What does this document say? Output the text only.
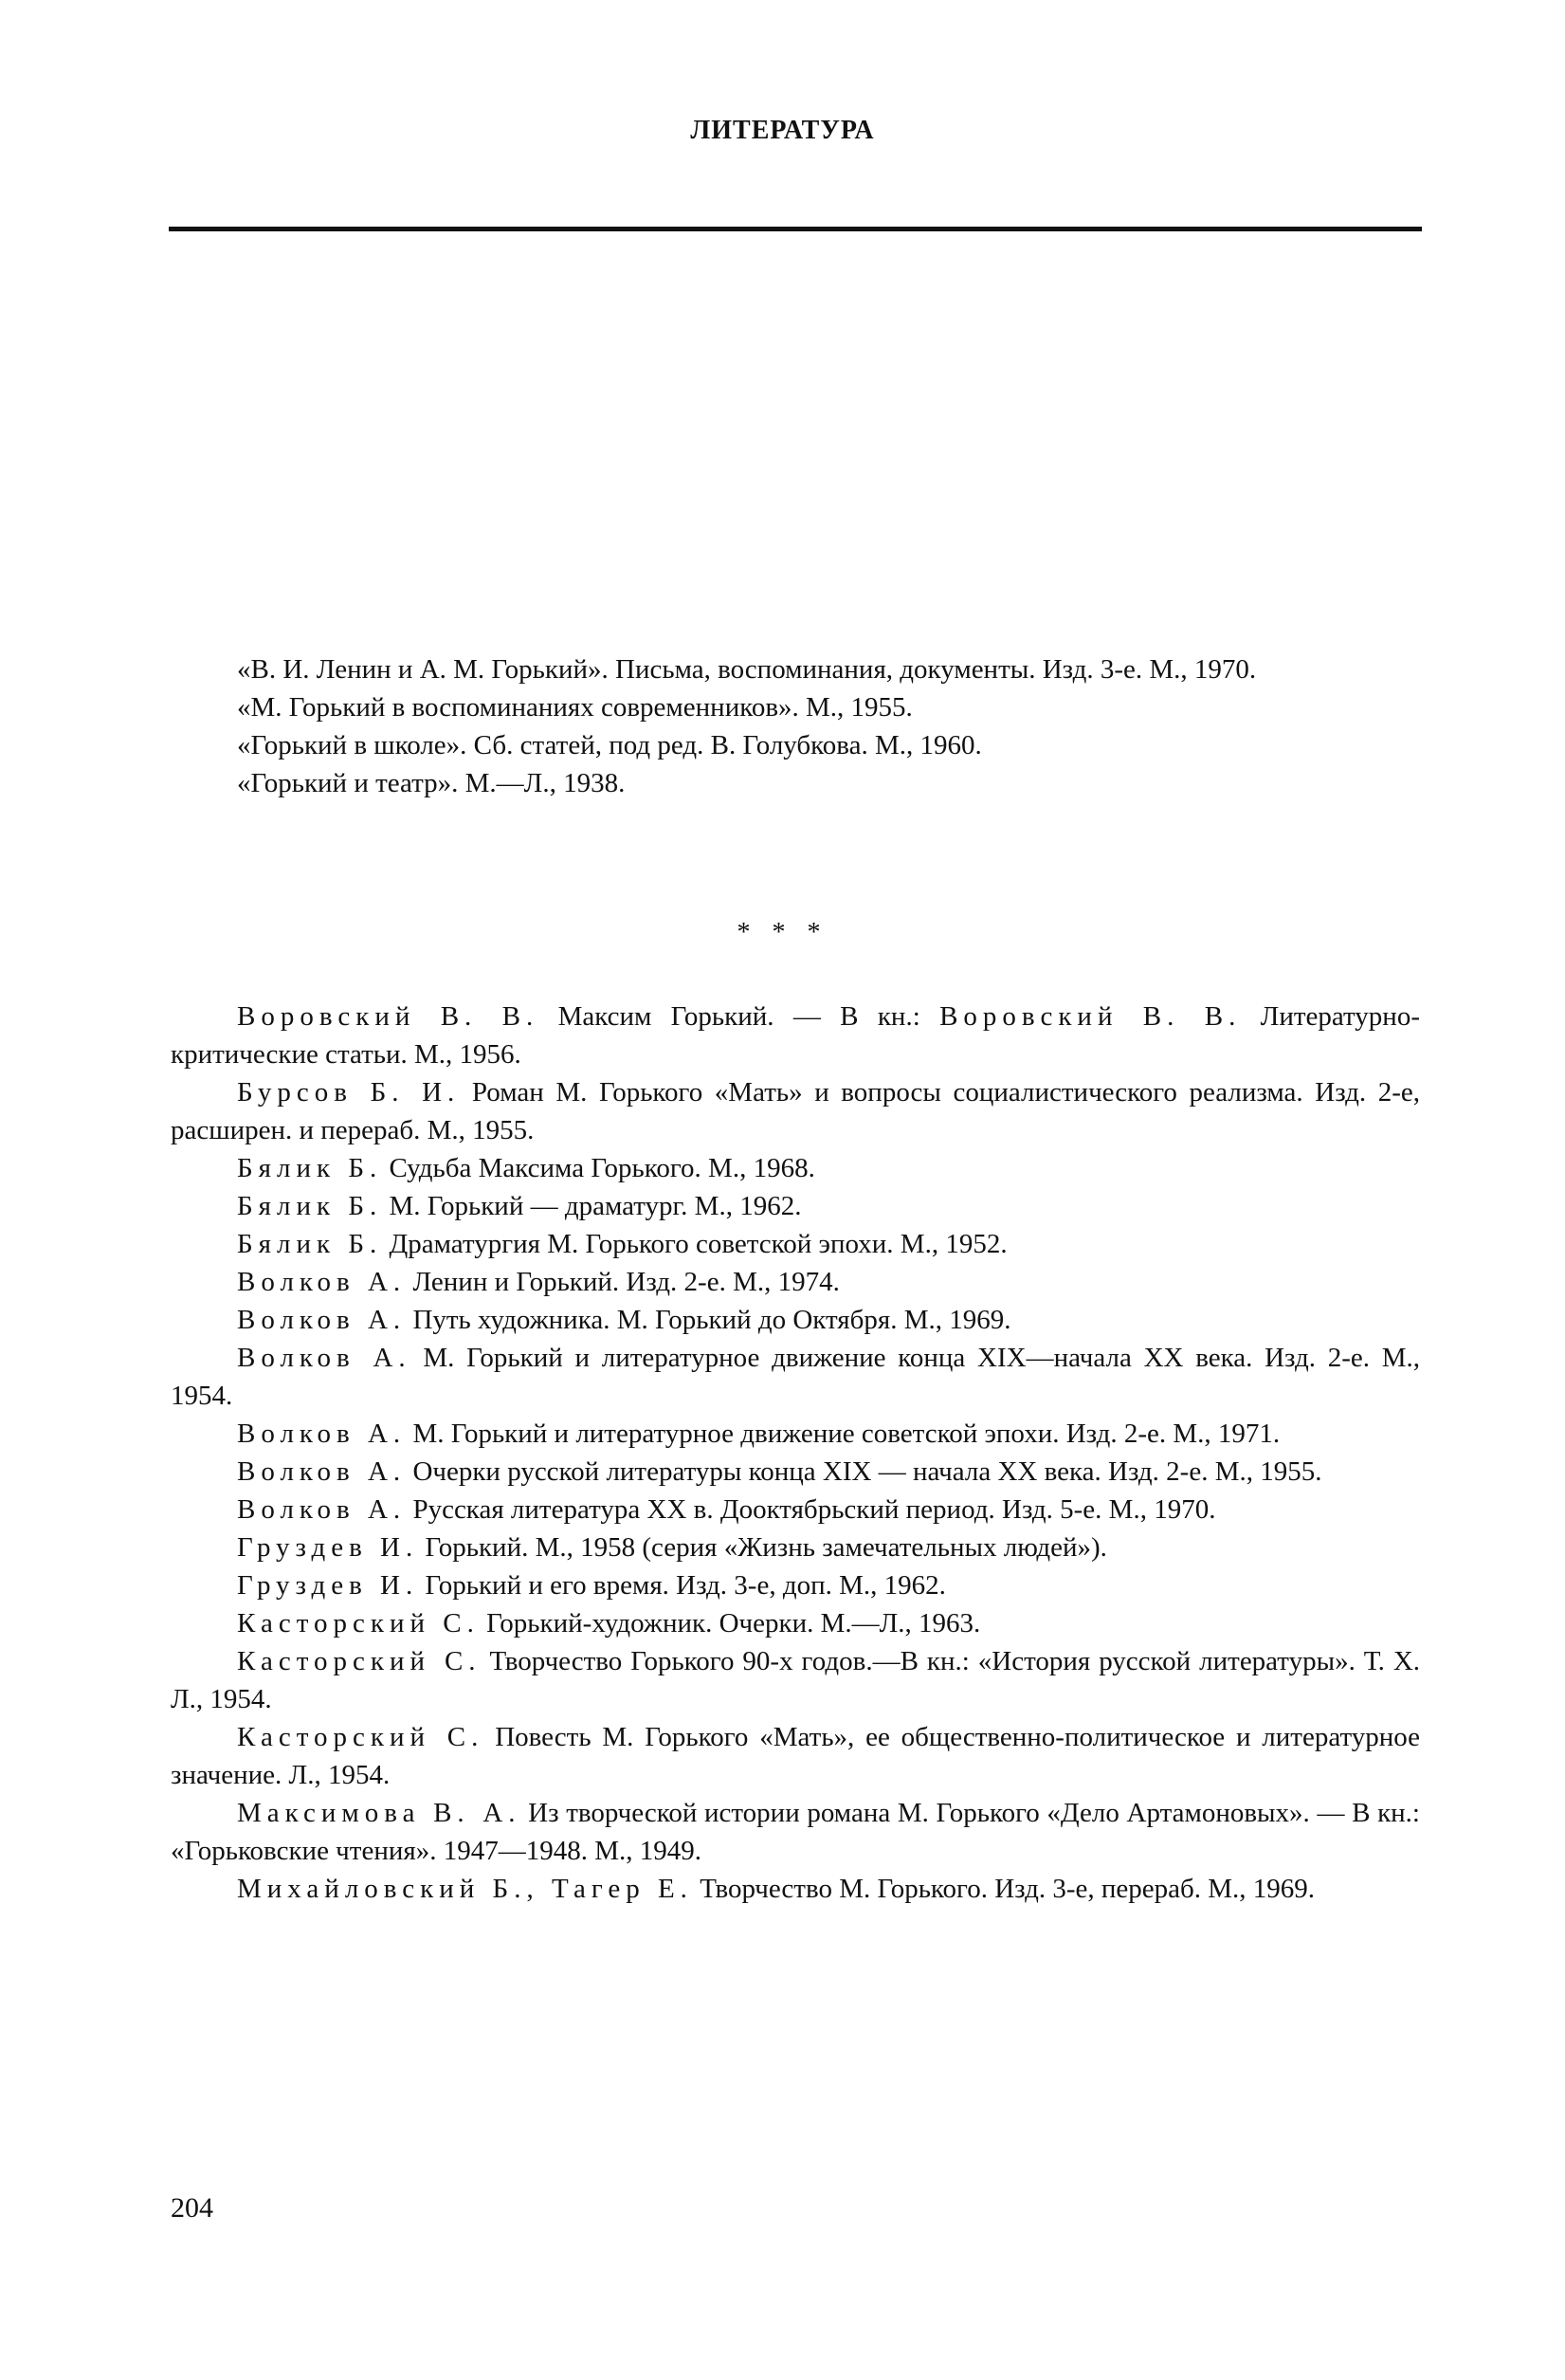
ЛИТЕРАТУРА

«В. И. Ленин и А. М. Горький». Письма, воспоминания, документы. Изд. 3-е. М., 1970.

«М. Горький в воспоминаниях современников». М., 1955.

«Горький в школе». Сб. статей, под ред. В. Голубкова. М., 1960.

«Горький и театр». М.—Л., 1938.

* * *

Воровский В. В. Максим Горький. — В кн.: Воровский В. В. Литературно-критические статьи. М., 1956.

Бурсов Б. И. Роман М. Горького «Мать» и вопросы социалистического реализма. Изд. 2-е, расширен. и перераб. М., 1955.

Бялик Б. Судьба Максима Горького. М., 1968.

Бялик Б. М. Горький — драматург. М., 1962.

Бялик Б. Драматургия М. Горького советской эпохи. М., 1952.

Волков А. Ленин и Горький. Изд. 2-е. М., 1974.

Волков А. Путь художника. М. Горький до Октября. М., 1969.

Волков А. М. Горький и литературное движение конца XIX—начала XX века. Изд. 2-е. М., 1954.

Волков А. М. Горький и литературное движение советской эпохи. Изд. 2-е. М., 1971.

Волков А. Очерки русской литературы конца XIX — начала XX века. Изд. 2-е. М., 1955.

Волков А. Русская литература XX в. Дооктябрьский период. Изд. 5-е. М., 1970.

Груздев И. Горький. М., 1958 (серия «Жизнь замечательных людей»).

Груздев И. Горький и его время. Изд. 3-е, доп. М., 1962.

Касторский С. Горький-художник. Очерки. М.—Л., 1963.

Касторский С. Творчество Горького 90-х годов.—В кн.: «История русской литературы». Т. X. Л., 1954.

Касторский С. Повесть М. Горького «Мать», ее общественно-политическое и литературное значение. Л., 1954.

Максимова В. А. Из творческой истории романа М. Горького «Дело Артамоновых». — В кн.: «Горьковские чтения». 1947—1948. М., 1949.

Михайловский Б., Тагер Е. Творчество М. Горького. Изд. 3-е, перераб. М., 1969.

204
